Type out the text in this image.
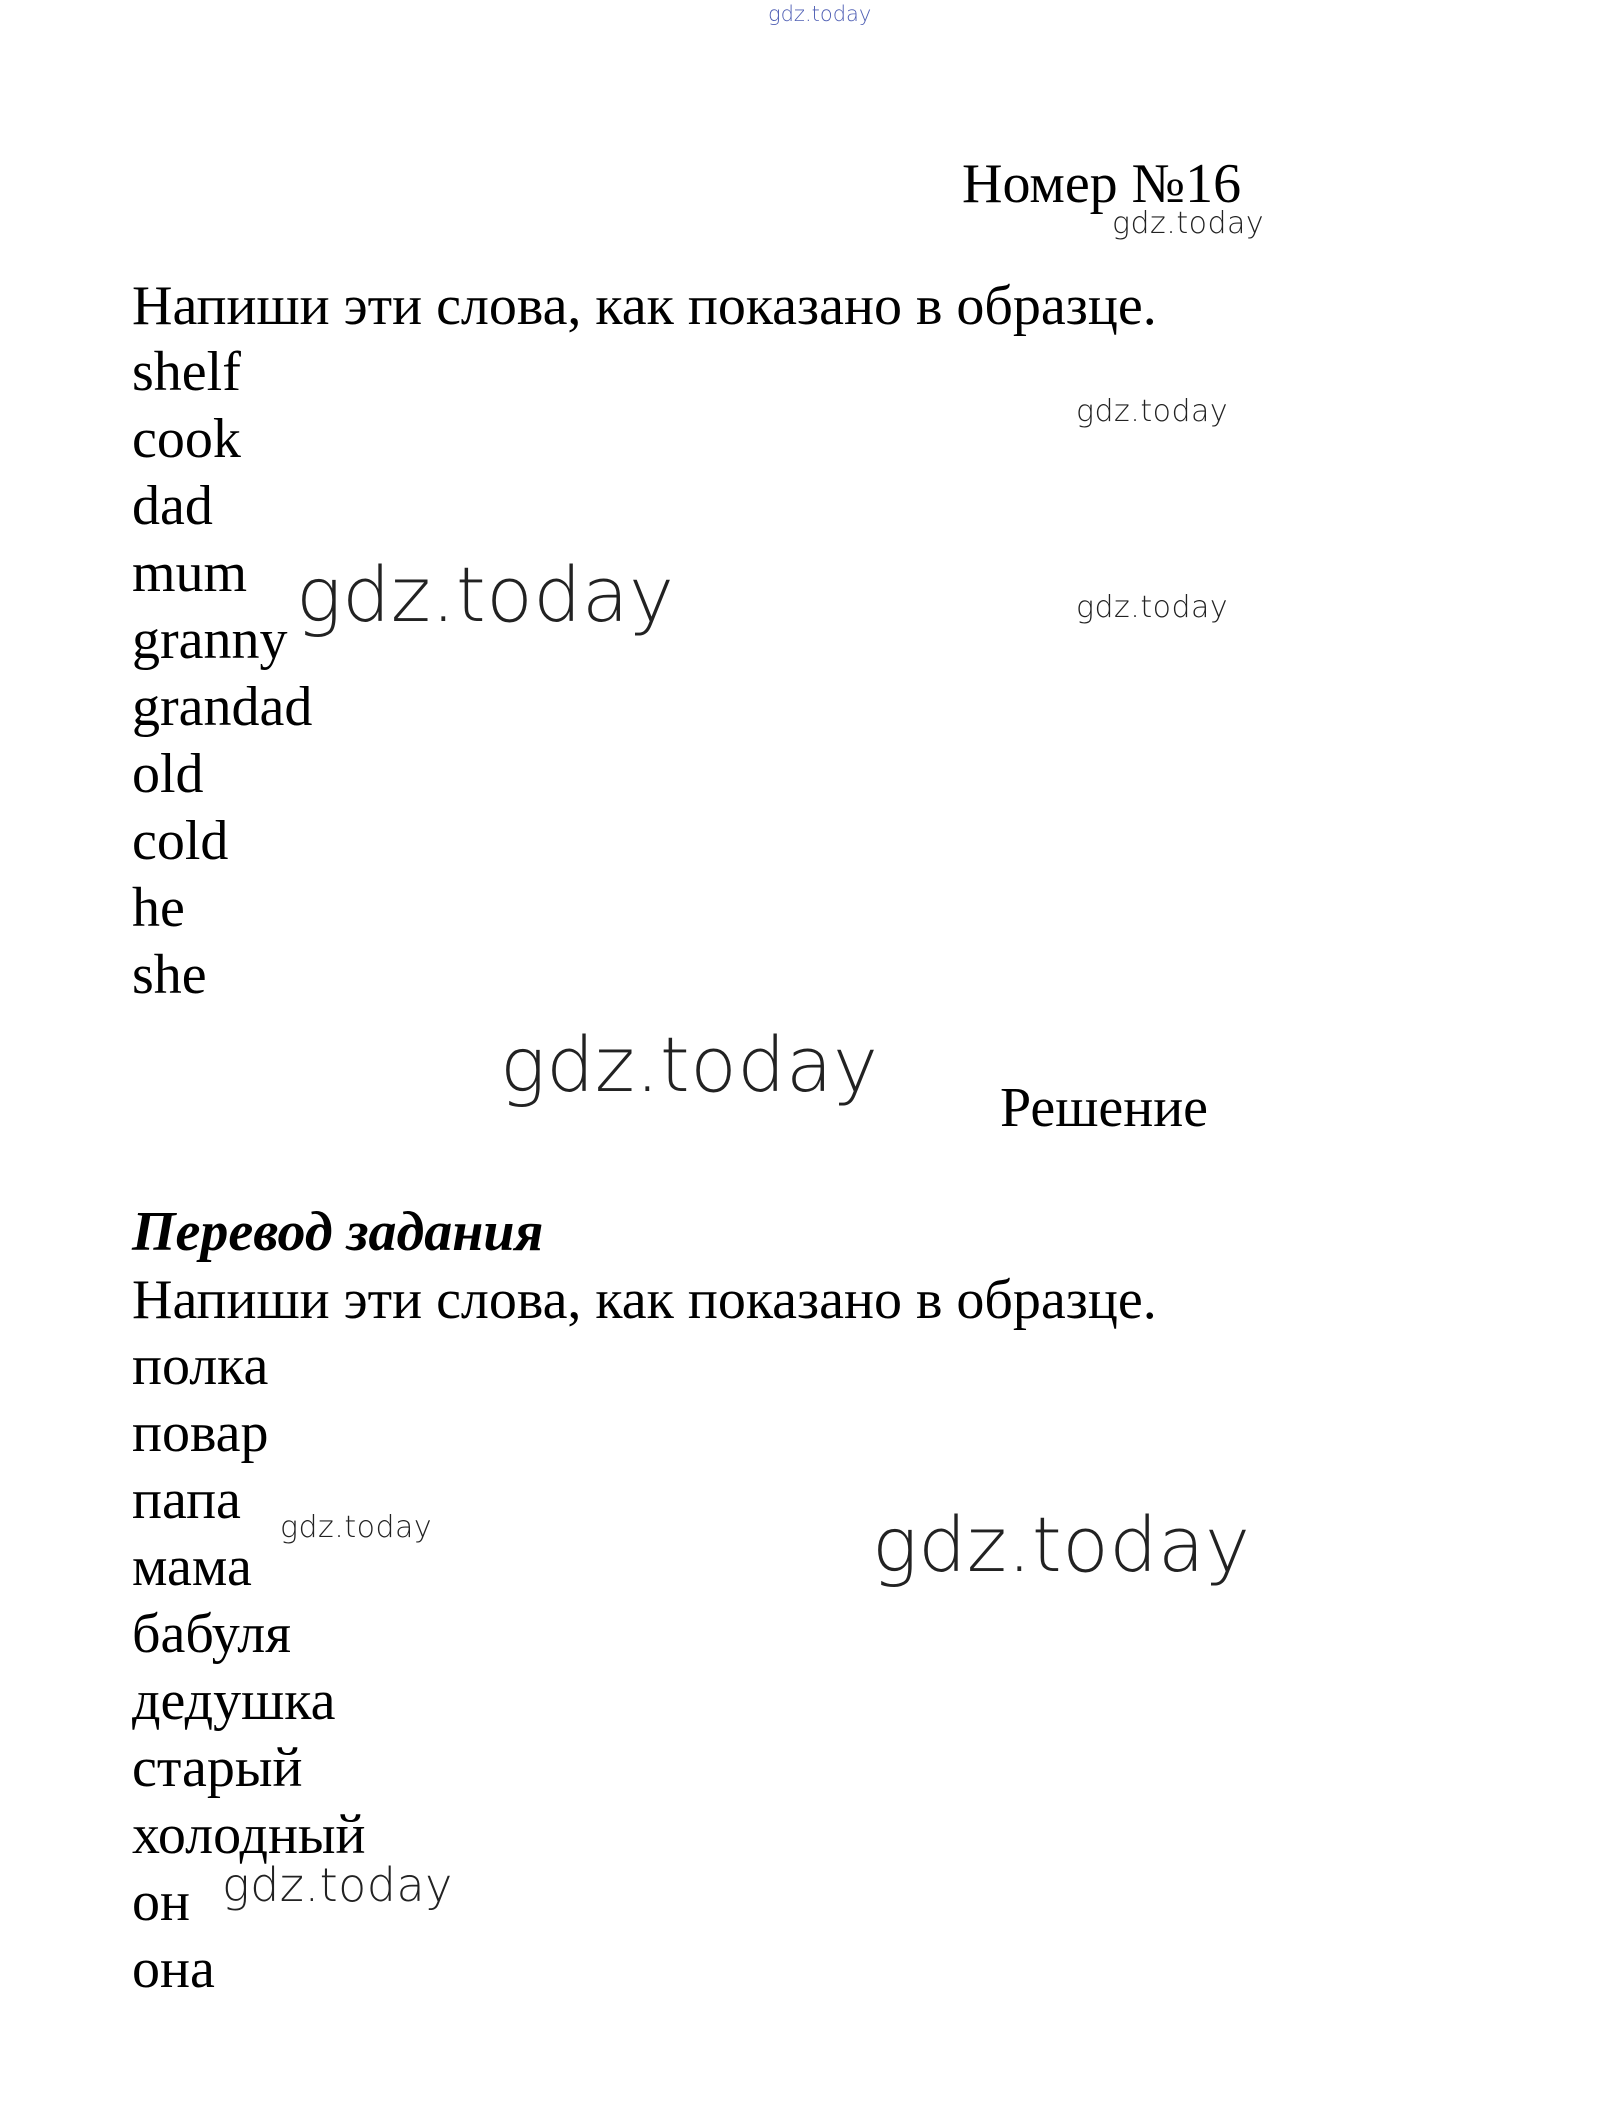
gdz.today
Номер №16
gdz.today
Напиши эти слова, как показано в образце.
shelf
cook
dad
mum
granny
grandad
old
cold
he
she
gdz.today
gdz.today	gdz.today
gdz.today Решение
Перевод задания
Напиши эти слова, как показано в образце.
полка
повар
папа
мама
бабуля
дедушка
старый
холодный
он
она
gdz.today	gdz.today
gdz.today
